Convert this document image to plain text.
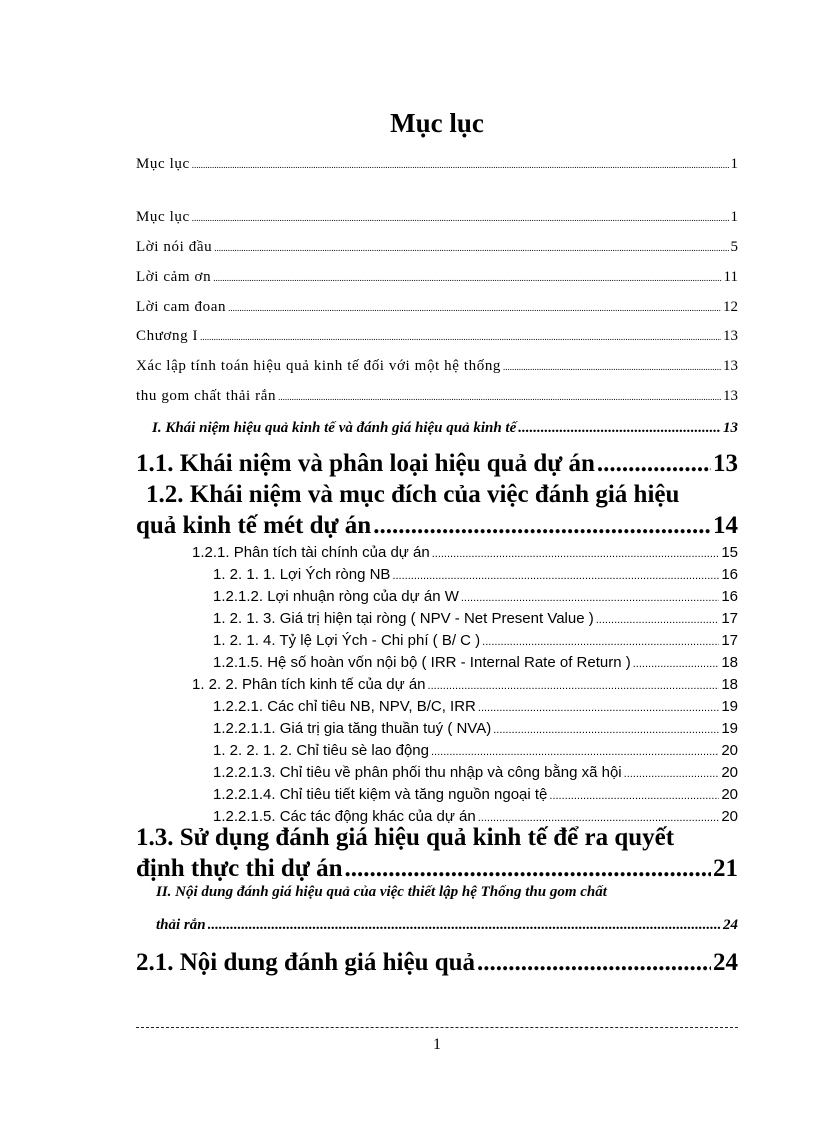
Mục lục
Mục lục .....	1
Mục lục .....	1
Lời nói đầu .....	5
Lời cảm ơn .....	11
Lời cam đoan .....	12
Chương I .....	13
Xác lập tính toán hiệu quả kinh tế đối với một hệ thống .....	13
thu gom chất thải rắn .....	13
I. Khái niệm hiệu quả kinh tế và đánh giá hiệu quả kinh tế .....	13
1.1. Khái niệm và phân loại hiệu quả dự án .....	13
1.2. Khái niệm và mục đích của việc đánh giá hiệu
quả kinh tế mét dự án .....	14
1.2.1. Phân tích tài chính của dự án .....	15
1. 2. 1. 1. Lợi Ých ròng NB .....	16
1.2.1.2. Lợi nhuận ròng của dự án W .....	16
1. 2. 1. 3. Giá trị hiện tại ròng ( NPV - Net Present Value ) .....	17
1. 2. 1. 4. Tỷ lệ Lợi Ých - Chi phí ( B/ C ) .....	17
1.2.1.5. Hệ số hoàn vốn nội bộ ( IRR - Internal Rate of Return ) .....	18
1. 2. 2. Phân tích kinh tế của dự án .....	18
1.2.2.1. Các chỉ tiêu NB, NPV, B/C, IRR .....	19
1.2.2.1.1. Giá trị gia tăng thuần tuý ( NVA) .....	19
1. 2. 2. 1. 2. Chỉ tiêu sè lao động .....	20
1.2.2.1.3. Chỉ tiêu về phân phối thu nhập và công bằng xã hội .....	20
1.2.2.1.4. Chỉ tiêu tiết kiệm và tăng nguồn ngoại tệ .....	20
1.2.2.1.5. Các tác động khác của dự án .....	20
1.3. Sử dụng đánh giá hiệu quả kinh tế để ra quyết
định thực thi dự án .....	21
II. Nội dung đánh giá hiệu quả của việc thiết lập hệ Thống thu gom chất
thải rắn .....	24
2.1. Nội dung đánh giá hiệu quả .....	24
1
